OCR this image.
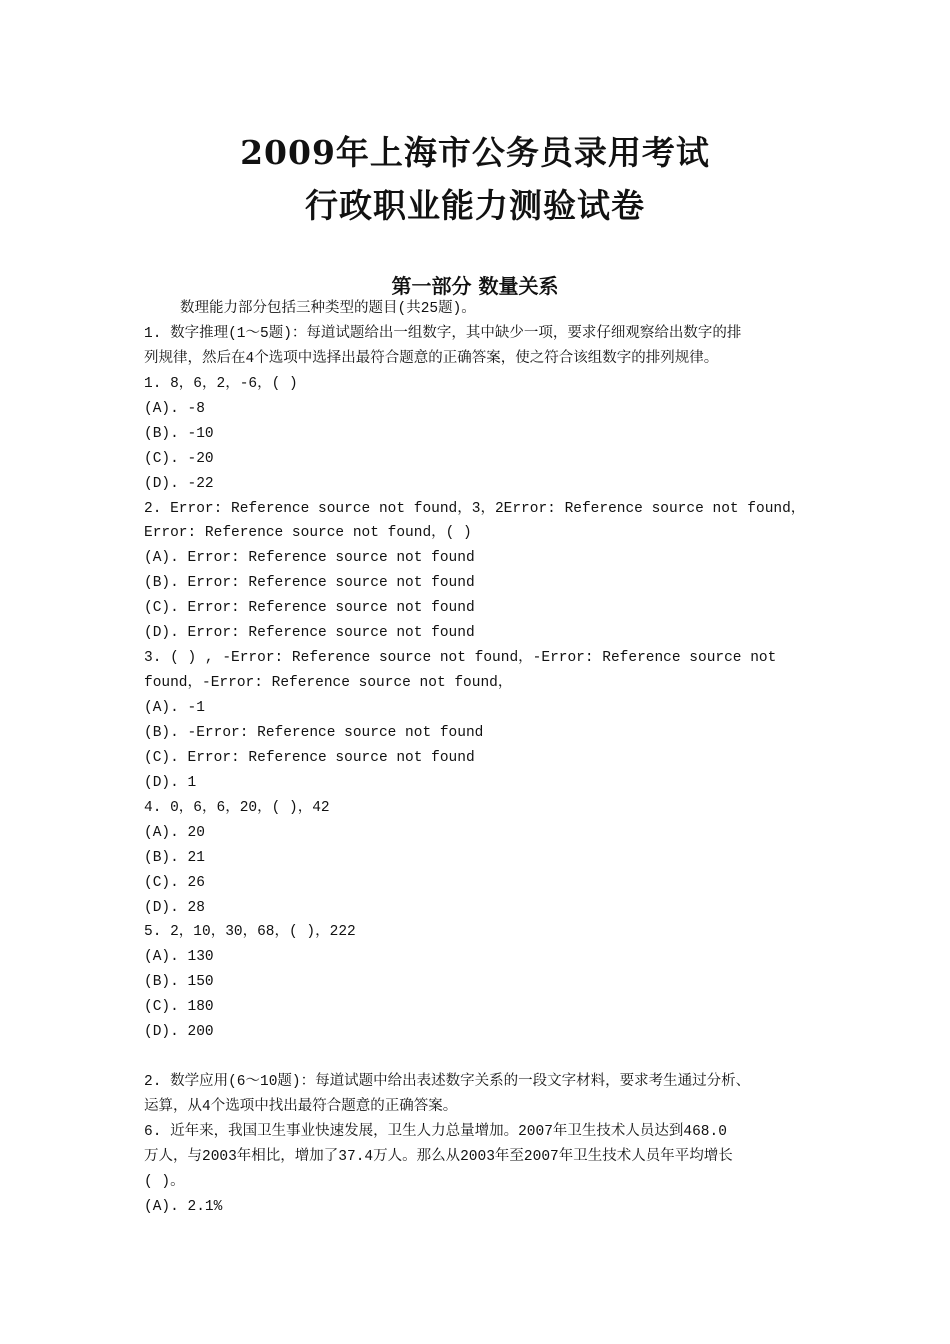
2009年上海市公务员录用考试
行政职业能力测验试卷
第一部分 数量关系
数理能力部分包括三种类型的题目(共25题)。
1. 数字推理(1～5题)：每道试题给出一组数字，其中缺少一项，要求仔细观察给出数字的排
列规律，然后在4个选项中选择出最符合题意的正确答案，使之符合该组数字的排列规律。
1. 8，6，2，-6，( )
(A). -8
(B). -10
(C). -20
(D). -22
2. Error: Reference source not found，3，2Error: Reference source not found，
Error: Reference source not found，( )
(A). Error: Reference source not found
(B). Error: Reference source not found
(C). Error: Reference source not found
(D). Error: Reference source not found
3. ( ) , -Error: Reference source not found，-Error: Reference source not
found，-Error: Reference source not found，
(A). -1
(B). -Error: Reference source not found
(C). Error: Reference source not found
(D). 1
4. 0，6，6，20，( )，42
(A). 20
(B). 21
(C). 26
(D). 28
5. 2，10，30，68，( )，222
(A). 130
(B). 150
(C). 180
(D). 200
2. 数学应用(6～10题)：每道试题中给出表述数字关系的一段文字材料，要求考生通过分析、
运算，从4个选项中找出最符合题意的正确答案。
6. 近年来，我国卫生事业快速发展，卫生人力总量增加。2007年卫生技术人员达到468.0
万人，与2003年相比，增加了37.4万人。那么从2003年至2007年卫生技术人员年平均增长
( )。
(A). 2.1%
